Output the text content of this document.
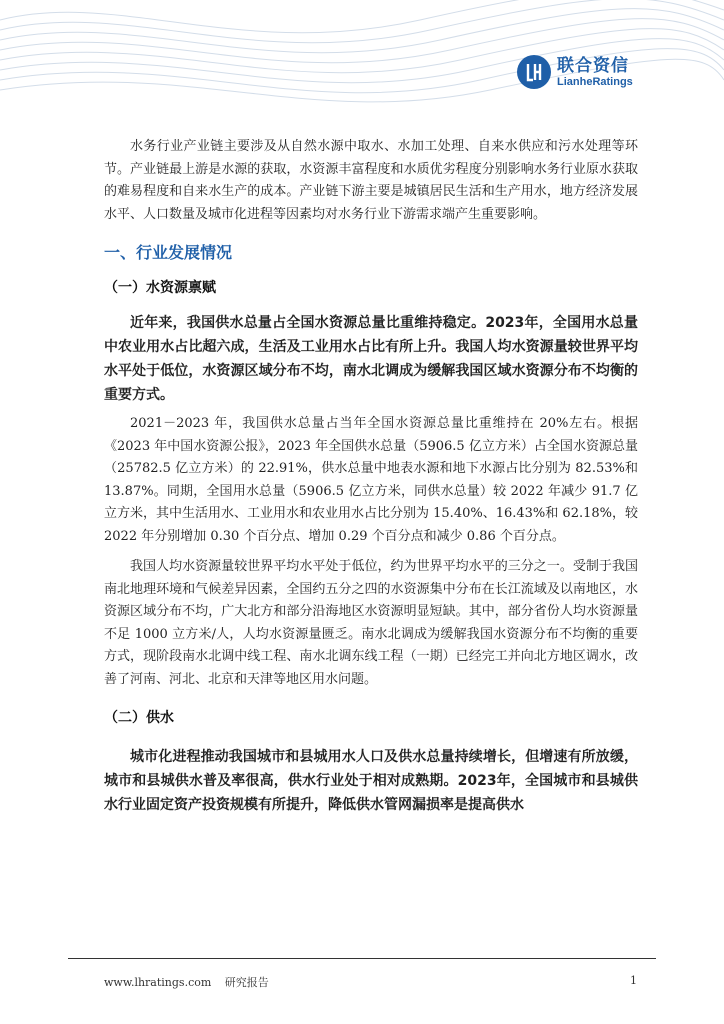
联合资信
LianheRatings

水务行业产业链主要涉及从自然水源中取水、水加工处理、自来水供应和污水处理等环节。产业链最上游是水源的获取，水资源丰富程度和水质优劣程度分别影响水务行业原水获取的难易程度和自来水生产的成本。产业链下游主要是城镇居民生活和生产用水，地方经济发展水平、人口数量及城市化进程等因素均对水务行业下游需求端产生重要影响。

一、行业发展情况
（一）水资源禀赋

近年来，我国供水总量占全国水资源总量比重维持稳定。2023年，全国用水总量中农业用水占比超六成，生活及工业用水占比有所上升。我国人均水资源量较世界平均水平处于低位，水资源区域分布不均，南水北调成为缓解我国区域水资源分布不均衡的重要方式。

2021－2023 年，我国供水总量占当年全国水资源总量比重维持在 20%左右。根据《2023 年中国水资源公报》，2023 年全国供水总量（5906.5 亿立方米）占全国水资源总量（25782.5 亿立方米）的 22.91%，供水总量中地表水源和地下水源占比分别为 82.53%和 13.87%。同期，全国用水总量（5906.5 亿立方米，同供水总量）较 2022 年减少 91.7 亿立方米，其中生活用水、工业用水和农业用水占比分别为 15.40%、16.43%和 62.18%，较 2022 年分别增加 0.30 个百分点、增加 0.29 个百分点和减少 0.86 个百分点。

我国人均水资源量较世界平均水平处于低位，约为世界平均水平的三分之一。受制于我国南北地理环境和气候差异因素，全国约五分之四的水资源集中分布在长江流域及以南地区，水资源区域分布不均，广大北方和部分沿海地区水资源明显短缺。其中，部分省份人均水资源量不足 1000 立方米/人，人均水资源量匮乏。南水北调成为缓解我国水资源分布不均衡的重要方式，现阶段南水北调中线工程、南水北调东线工程（一期）已经完工并向北方地区调水，改善了河南、河北、北京和天津等地区用水问题。

（二）供水

城市化进程推动我国城市和县城用水人口及供水总量持续增长，但增速有所放缓，城市和县城供水普及率很高，供水行业处于相对成熟期。2023年，全国城市和县城供水行业固定资产投资规模有所提升，降低供水管网漏损率是提高供水

www.lhratings.com 研究报告	1
